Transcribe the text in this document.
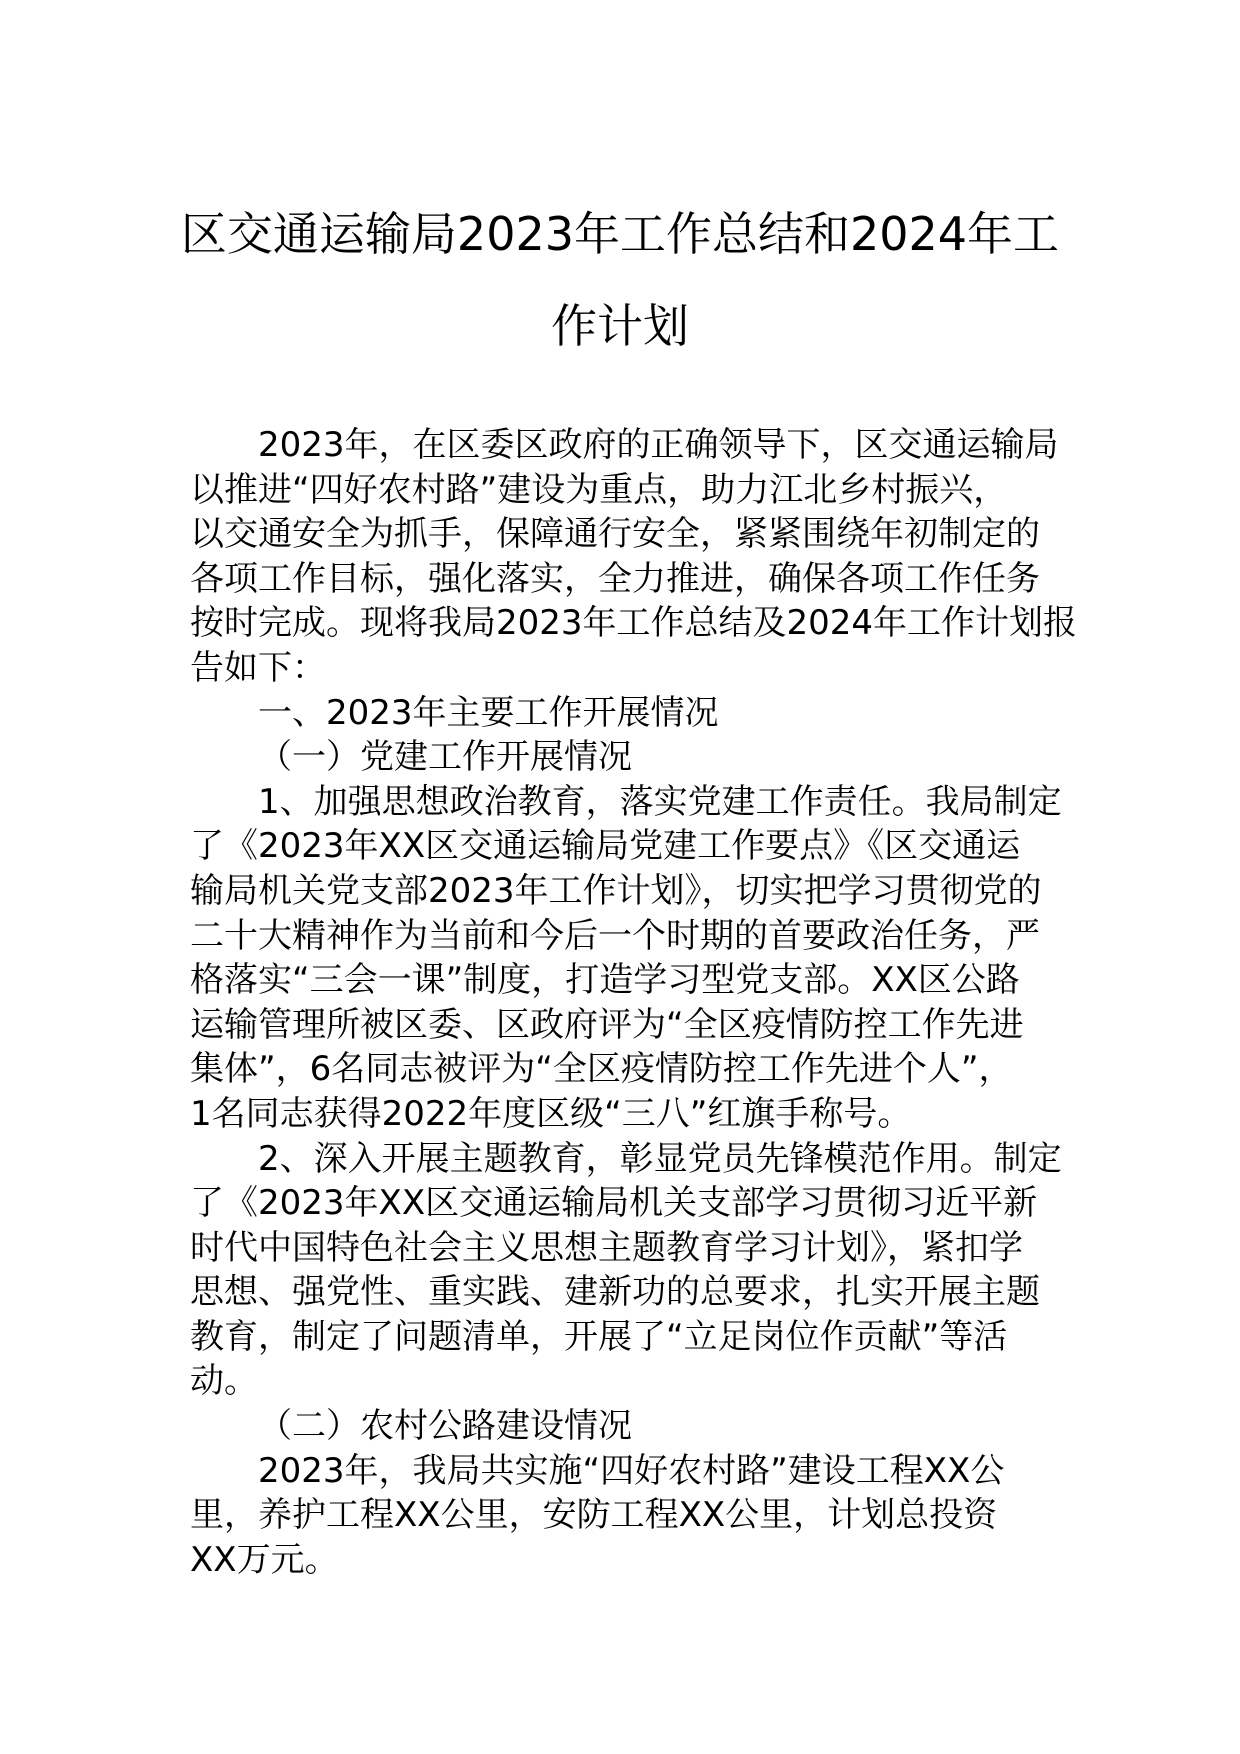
区交通运输局2023年工作总结和2024年工
作计划
2023年，在区委区政府的正确领导下，区交通运输局
以推进“四好农村路”建设为重点，助力江北乡村振兴，
以交通安全为抓手，保障通行安全，紧紧围绕年初制定的
各项工作目标，强化落实，全力推进，确保各项工作任务
按时完成。现将我局2023年工作总结及2024年工作计划报
告如下：
一、2023年主要工作开展情况
（一）党建工作开展情况
1、加强思想政治教育，落实党建工作责任。我局制定
了《2023年XX区交通运输局党建工作要点》《区交通运
输局机关党支部2023年工作计划》，切实把学习贯彻党的
二十大精神作为当前和今后一个时期的首要政治任务，严
格落实“三会一课”制度，打造学习型党支部。XX区公路
运输管理所被区委、区政府评为“全区疫情防控工作先进
集体”，6名同志被评为“全区疫情防控工作先进个人”，
1名同志获得2022年度区级“三八”红旗手称号。
2、深入开展主题教育，彰显党员先锋模范作用。制定
了《2023年XX区交通运输局机关支部学习贯彻习近平新
时代中国特色社会主义思想主题教育学习计划》，紧扣学
思想、强党性、重实践、建新功的总要求，扎实开展主题
教育，制定了问题清单，开展了“立足岗位作贡献”等活
动。
（二）农村公路建设情况
2023年，我局共实施“四好农村路”建设工程XX公
里，养护工程XX公里，安防工程XX公里，计划总投资
XX万元。
